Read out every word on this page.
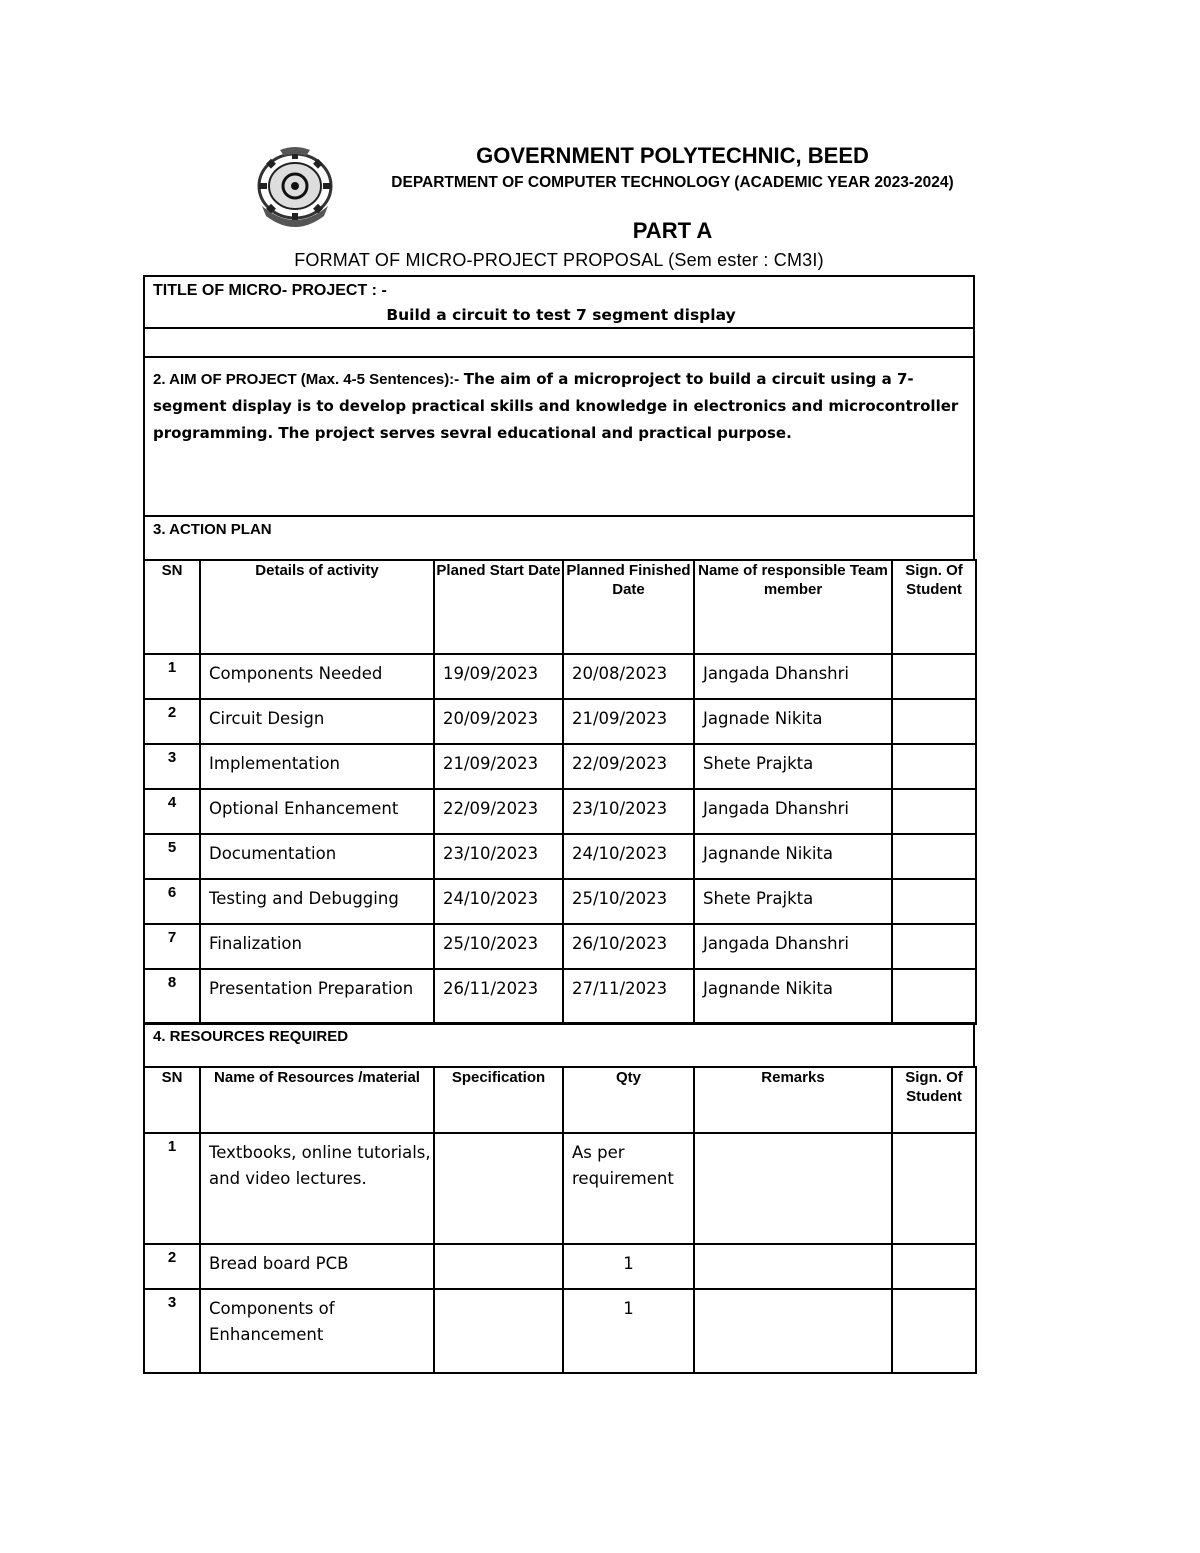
GOVERNMENT POLYTECHNIC, BEED
DEPARTMENT OF COMPUTER TECHNOLOGY (ACADEMIC YEAR 2023-2024)
PART A
FORMAT OF MICRO-PROJECT PROPOSAL (Sem ester : CM3I)
TITLE OF MICRO- PROJECT : -
Build a circuit to test 7 segment display
2. AIM OF PROJECT (Max. 4-5 Sentences):- The aim of a microproject to build a circuit using a 7-segment display is to develop practical skills and knowledge in electronics and microcontroller programming. The project serves sevral educational and practical purpose.
3. ACTION PLAN
SN	Details of activity	Planed Start Date	Planned Finished Date	Name of responsible Team member	Sign. Of Student
1	Components Needed	19/09/2023	20/08/2023	Jangada Dhanshri	
2	Circuit Design	20/09/2023	21/09/2023	Jagnade Nikita	
3	Implementation	21/09/2023	22/09/2023	Shete Prajkta	
4	Optional Enhancement	22/09/2023	23/10/2023	Jangada Dhanshri	
5	Documentation	23/10/2023	24/10/2023	Jagnande Nikita	
6	Testing and Debugging	24/10/2023	25/10/2023	Shete Prajkta	
7	Finalization	25/10/2023	26/10/2023	Jangada Dhanshri	
8	Presentation Preparation	26/11/2023	27/11/2023	Jagnande Nikita	
4. RESOURCES REQUIRED
SN	Name of Resources /material	Specification	Qty	Remarks	Sign. Of Student
1	Textbooks, online tutorials, and video lectures.		As per requirement		
2	Bread board PCB		1		
3	Components of Enhancement		1		
